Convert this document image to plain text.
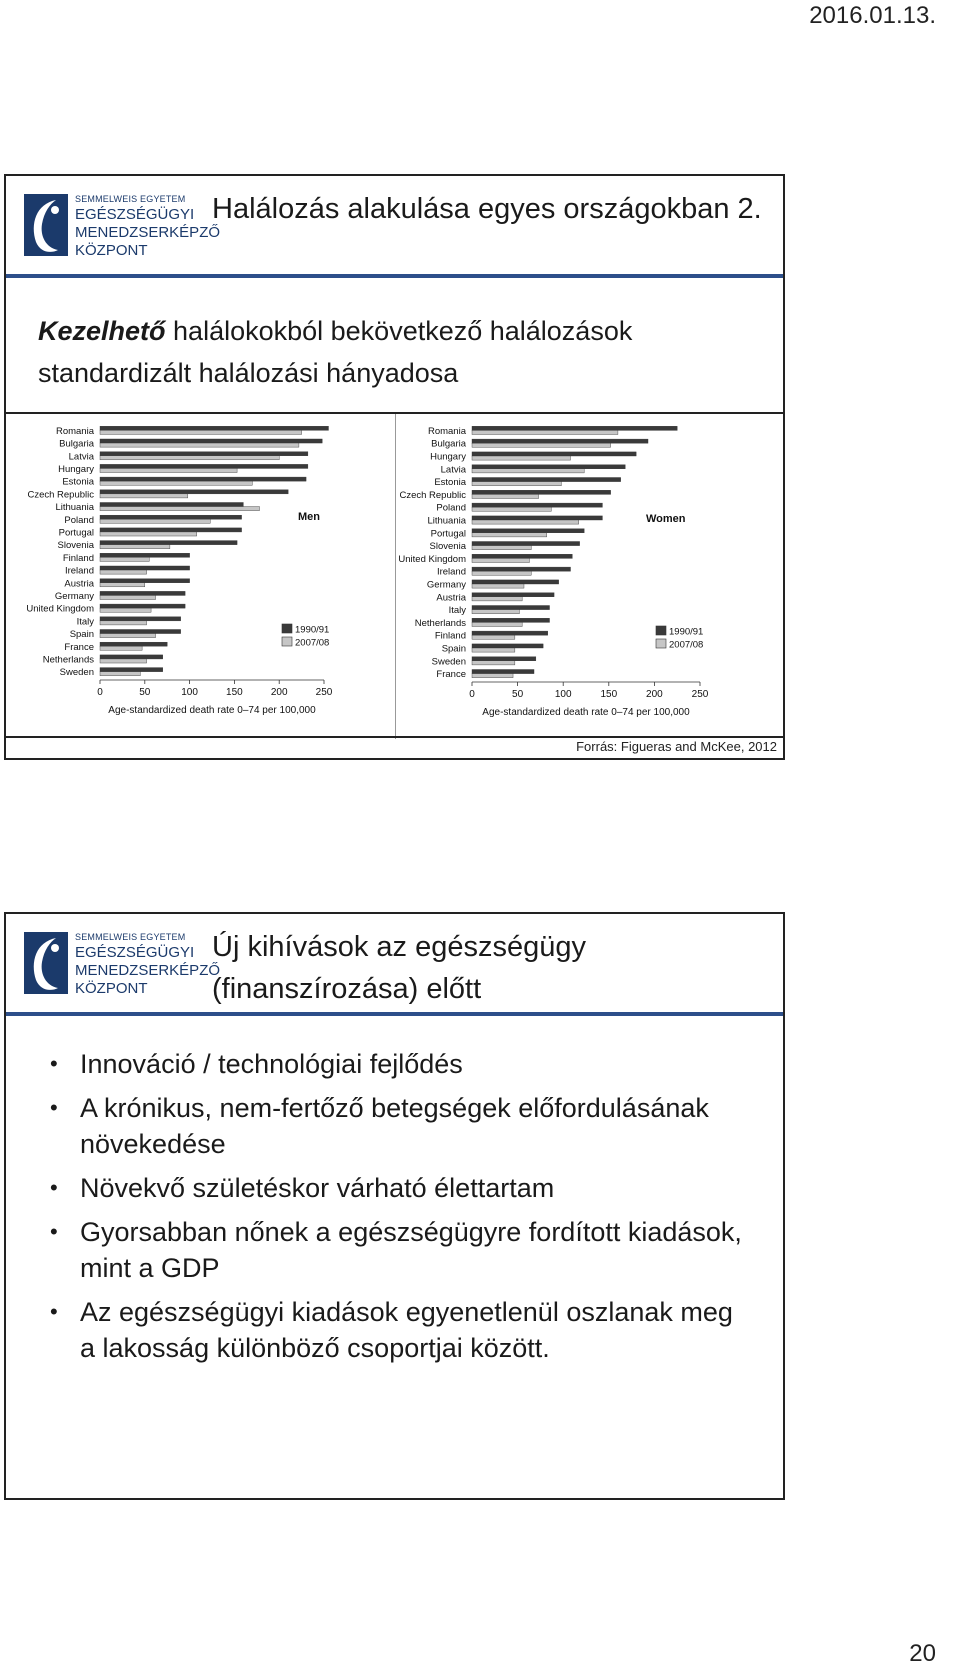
2016.01.13.
SEMMELWEIS EGYETEM
EGÉSZSÉGÜGYI
MENEDZSERKÉPZŐ
KÖZPONT
Halálozás alakulása egyes országokban 2.
Kezelhető halálokokból bekövetkező halálozások standardizált halálozási hányadosa
Romania
Bulgaria
Latvia
Hungary
Estonia
Czech Republic
Lithuania
Poland
Portugal
Slovenia
Finland
Ireland
Austria
Germany
United Kingdom
Italy
Spain
France
Netherlands
Sweden
0	50	100	150	200	250
Age-standardized death rate 0–74 per 100,000
Men
1990/91
2007/08
Romania
Bulgaria
Hungary
Latvia
Estonia
Czech Republic
Poland
Lithuania
Portugal
Slovenia
United Kingdom
Ireland
Germany
Austria
Italy
Netherlands
Finland
Spain
Sweden
France
0	50	100	150	200	250
Age-standardized death rate 0–74 per 100,000
Women
1990/91
2007/08
Forrás: Figueras and McKee, 2012
SEMMELWEIS EGYETEM
EGÉSZSÉGÜGYI
MENEDZSERKÉPZŐ
KÖZPONT
Új kihívások az egészségügy (finanszírozása) előtt
• Innováció / technológiai fejlődés
• A krónikus, nem-fertőző betegségek előfordulásának növekedése
• Növekvő születéskor várható élettartam
• Gyorsabban nőnek a egészségügyre fordított kiadások, mint a GDP
• Az egészségügyi kiadások egyenetlenül oszlanak meg a lakosság különböző csoportjai között.
20
